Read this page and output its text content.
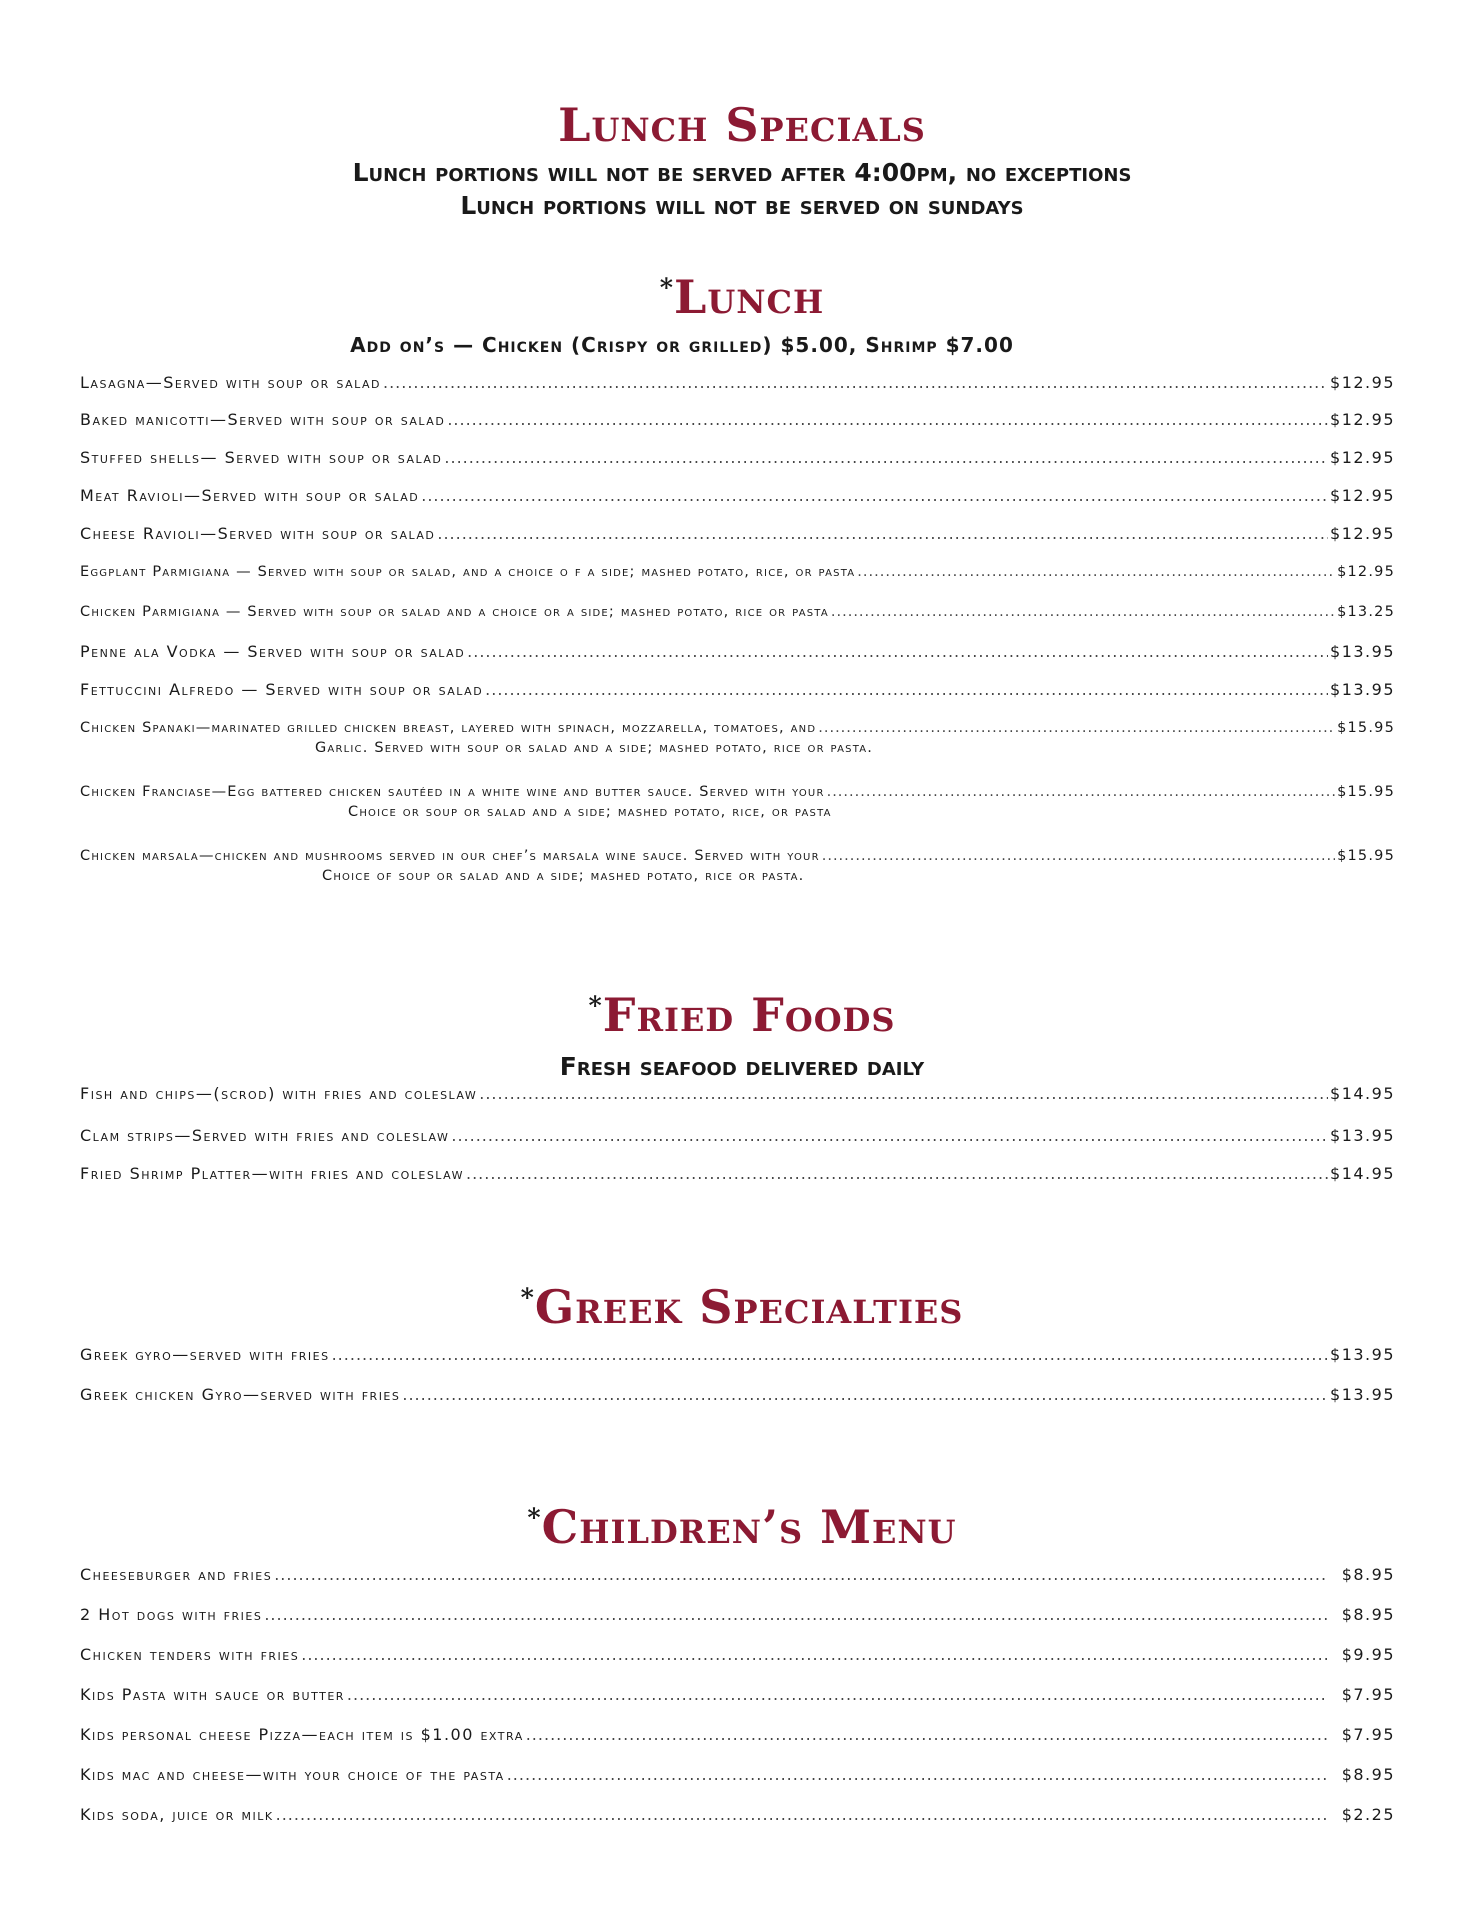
Lunch Specials
Lunch portions will not be served after 4:00pm, no exceptions
Lunch portions will not be served on sundays
*Lunch
Add on’s — Chicken (Crispy or grilled) $5.00, Shrimp $7.00
Lasagna—Served with soup or salad .....	$12.95
Baked manicotti—Served with soup or salad .....	$12.95
Stuffed shells— Served with soup or salad .....	$12.95
Meat Ravioli—Served with soup or salad .....	$12.95
Cheese Ravioli—Served with soup or salad .....	$12.95
Eggplant Parmigiana — Served with soup or salad, and a choice o f a side; mashed potato, rice, or pasta .....	$12.95
Chicken Parmigiana — Served with soup or salad and a choice or a side; mashed potato, rice or pasta .....	$13.25
Penne ala Vodka — Served with soup or salad .....	$13.95
Fettuccini Alfredo — Served with soup or salad .....	$13.95
Chicken Spanaki—marinated grilled chicken breast, layered with spinach, mozzarella, tomatoes, and .....	$15.95
Garlic. Served with soup or salad and a side; mashed potato, rice or pasta.
Chicken Franciase—Egg battered chicken sautéed in a white wine and butter sauce. Served with your .....	$15.95
Choice or soup or salad and a side; mashed potato, rice, or pasta
Chicken marsala—chicken and mushrooms served in our chef’s marsala wine sauce. Served with your .....	$15.95
Choice of soup or salad and a side; mashed potato, rice or pasta.
*Fried Foods
Fresh seafood delivered daily
Fish and chips—(scrod) with fries and coleslaw .....	$14.95
Clam strips—Served with fries and coleslaw .....	$13.95
Fried Shrimp Platter—with fries and coleslaw .....	$14.95
*Greek Specialties
Greek gyro—served with fries .....	$13.95
Greek chicken Gyro—served with fries .....	$13.95
*Children’s Menu
Cheeseburger and fries .....	$8.95
2 Hot dogs with fries .....	$8.95
Chicken tenders with fries .....	$9.95
Kids Pasta with sauce or butter .....	$7.95
Kids personal cheese Pizza—each item is $1.00 extra .....	$7.95
Kids mac and cheese—with your choice of the pasta .....	$8.95
Kids soda, juice or milk .....	$2.25
